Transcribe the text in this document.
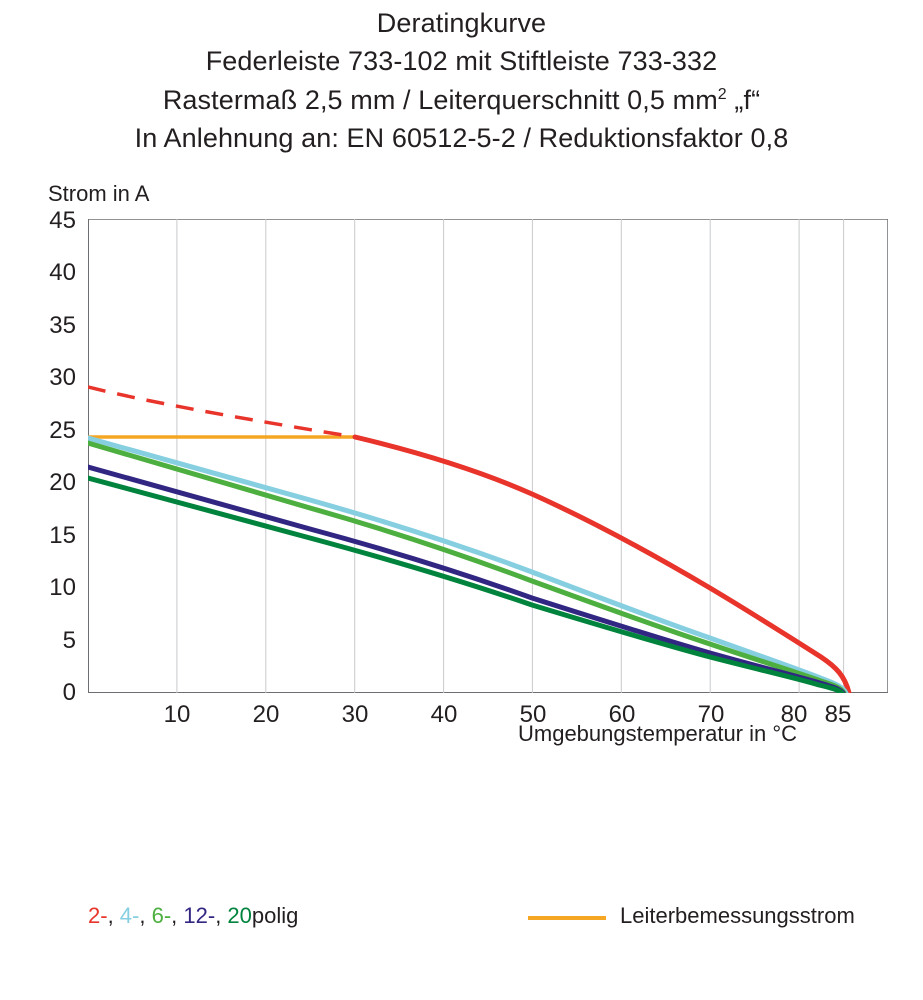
Deratingkurve
Federleiste 733-102 mit Stiftleiste 733-332
Rastermaß 2,5 mm / Leiterquerschnitt 0,5 $mm^2$ „f“
In Anlehnung an: EN 60512-5-2 / Reduktionsfaktor 0,8
Strom in A
Umgebungstemperatur in °C
45
40
35
30
25
20
15
10
5
0
10	20	30	40	50	60	70	80 85
2-, 4-, 6-, 12-, 20polig	Leiterbemessungsstrom
